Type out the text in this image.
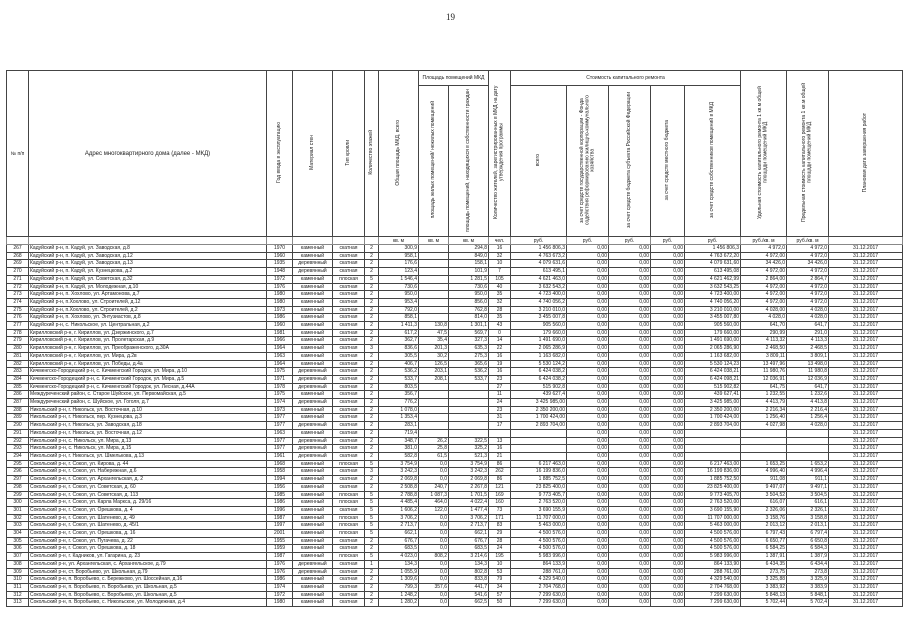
19
№ п/п	Адрес многоквартирного дома (далее - МКД)	Год ввода в эксплуатацию	Материал стен	Тип кровли	Количество этажей	Общая площадь МКД, всего	Площадь помещений МКД		Количество жителей, зарегистрированных в МКД на дату утверждения программы	Стоимость капитального ремонта					Удельная стоимость капитального ремонта 1 кв.м общей площади помещений МКД	Предельная стоимость капитального ремонта 1 кв.м общей площади помещений МКД	Плановая дата завершения работ
							площадь жилых помещений/ нежилых помещений	площадь помещений, находящихся в собственности граждан		всего	за счет средств государственной корпорации - Фонда содействия реформированию жилищно-коммунального хозяйства	за счет средств бюджета субъекта Российской Федерации	за счет средств местного бюджета	за счет средств собственников помещений в МКД			
						кв. м	кв. м	кв. м	чел.	руб.	руб.	руб.	руб.	руб.	руб./кв. м	руб./кв. м	
267	Кадуйский р-н, п. Кадуй, ул. Заводская, д.8	1970	каменный	скатная	2	300,9		294,8	16	1 456 806,3	0,00	0,00	0,00	1 456 806,3	4 972,0	4 972,0	31.12.2017
268	Кадуйский р-н, п. Кадуй, ул. Заводская, д.12	1960	каменный	скатная	2	958,1		849,0	32	4 763 673,2	0,00	0,00	0,00	4 763 672,20	4 972,00	4 972,0	31.12.2017
269	Кадуйский р-н, п. Кадуй, ул. Заводская, д.13	1935	деревянный	скатная	2	176,6		158,1	10	4 079 631,6	0,00	0,00	0,00	4 079 631,60	34 426,0	34 426,0	31.12.2017
270	Кадуйский р-н, п. Кадуй, ул. Кузнецкова, д.2	1948	деревянный	скатная	2	123,4		101,9	7	613 495,1	0,00	0,00	0,00	613 495,08	4 972,00	4 972,0	31.12.2017
271	Кадуйский р-н, п. Кадуй, ул. Советская, д.32	1972	каменный	плоская	5	1 546,4		1 281,5	105	4 621 463,0	0,00	0,00	0,00	4 621 462,99	2 864,00	2 864,7	31.12.2017
272	Кадуйский р-н, п. Кадуй, ул. Молодежная, д.10	1976	каменный	скатная	2	730,6		730,6	40	3 632 543,2	0,00	0,00	0,00	3 632 543,25	4 972,00	4 972,0	31.12.2017
273	Кадуйский р-н, п. Хохлово, ул. Артамонова, д.7	1980	каменный	скатная	2	950,0		950,0	35	4 723 400,0	0,00	0,00	0,00	4 723 400,00	4 972,00	4 972,0	31.12.2017
274	Кадуйский р-н, п.Хохлово, ул. Строителей, д.12	1980	каменный	скатная	2	953,4		856,0	32	4 740 056,2	0,00	0,00	0,00	4 740 056,20	4 972,00	4 972,0	31.12.2017
275	Кадуйский р-н, п.Хохлово, ул. Строителей, д.2	1973	каменный	скатная	2	792,0		762,8	28	3 210 010,0	0,00	0,00	0,00	3 210 010,00	4 028,00	4 028,0	31.12.2017
276	Кадуйский р-н, п. Хохлово, ул. Энтузиастов, д.8	1986	каменный	скатная	2	858,1		814,0	35	3 455 007,8	0,00	0,00	0,00	3 455 007,80	4 028,0	4 028,0	31.12.2017
277	Кадуйский р-н, с. Никольское, ул. Центральная, д.2	1960	каменный	скатная	2	1 411,3	130,8	1 301,1	43	905 560,0	0,00	0,00	0,00	905 560,00	641,70	641,7	31.12.2017
278	Кирилловский р-н, г. Кириллов, ул. Дзержинского, д.7	1981	каменный	скатная	2	617,2	47,5	569,7	0	179 660,0	0,00	0,00	0,00	179 660,00	290,99	291,0	31.12.2017
279	Кирилловский р-н, г. Кириллов, ул. Пролетарская, д.9	1966	каменный	скатная	2	362,7	35,4	327,3	14	1 491 690,0	0,00	0,00	0,00	1 491 690,00	4 113,32	4 113,3	31.12.2017
280	Кирилловский р-н, г. Кириллов, ул. Преображенского, д.30А	1964	каменный	скатная	3	836,6	201,3	635,3	22	2 065 286,9	0,00	0,00	0,00	2 065 286,90	2 468,50	2 468,5	31.12.2017
281	Кирилловский р-н, г. Кириллов, ул. Мира, д.2в	1963	каменный	скатная	2	305,5	30,2	275,3	16	1 163 682,0	0,00	0,00	0,00	1 163 682,00	3 809,11	3 809,1	31.12.2017
282	Кирилловский р-н, г. Кириллов, ул. Победы, д.4а	1964	каменный	скатная	2	406,7	126,5	365,6	19	5 530 124,2	0,00	0,00	0,00	5 530 124,23	13 497,96	13 498,0	31.12.2017
283	Кичменгско-Городецкий р-н, с. Кичменгский Городок, ул. Мира, д.10	1975	деревянный	скатная	2	536,2	203,1	536,2	16	6 424 038,2	0,00	0,00	0,00	6 424 038,21	11 980,76	11 980,8	31.12.2017
284	Кичменгско-Городецкий р-н, с. Кичменгский Городок, ул. Мира, д.5	1971	деревянный	скатная	2	533,7	208,1	533,7	23	6 424 038,2	0,00	0,00	0,00	6 424 098,21	12 036,91	12 036,9	31.12.2017
285	Кичменгско-Городецкий р-н, с. Кичменгский Городок, ул. Лесная, д.44А	1978	деревянный	скатная	2	803,5			27	515 902,8	0,00	0,00	0,00	515 902,82	641,75	641,7	31.12.2017
286	Междуреченский район, с. Старое Шуйское, ул. Первомайская, д.5	1975	каменный	скатная	2	356,7			11	439 627,4	0,00	0,00	0,00	439 627,41	1 232,55	1 232,6	31.12.2017
287	Междуреченский район, с. Шуйское, ул. Гоголя, д.7	1974	деревянный	скатная	2	776,2			24	3 425 985,00	0,00	0,00	0,00	3 425 985,00	4 413,79	4 413,8	31.12.2017
288	Никольский р-н, г. Никольск, ул. Восточная, д.10	1973	каменный	скатная	2	1 078,0			23	2 350 200,00	0,00	0,00	0,00	2 350 200,00	2 216,34	2 216,4	31.12.2017
289	Никольский р-н, г. Никольск, пер. Кузнецова, д.3	1977	каменный	скатная	2	1 353,4			31	1 700 424,00	0,00	0,00	0,00	1 700 424,00	1 256,40	1 256,4	31.12.2017
290	Никольский р-н, г. Никольск, ул. Заводская, д.18	1977	деревянный	скатная	2	283,1			17	2 893 704,00	0,00	0,00	0,00	2 893 704,00	4 027,98	4 028,0	31.12.2017
291	Никольский р-н, г. Никольск, ул. Восточная, д.12	1963	каменный	скатная	2	719,4					0,00	0,00	0,00				31.12.2017
292	Никольский р-н, с. Никольск, ул. Мира, д.13	1977	деревянный	скатная	2	348,7	26,2	322,5	13		0,00	0,00	0,00				31.12.2017
293	Никольский р-н, с. Никольск, ул. Мира, д.15	1977	деревянный	скатная	2	381,0	25,8	325,2	16		0,00	0,00	0,00				31.12.2017
294	Никольский р-н, г. Никольск, ул. Шмелькова, д.13	1961	деревянный	скатная	2	582,8	61,5	521,3	21		0,00	0,00	0,00				31.12.2017
295	Сокольский р-н, г. Сокол, ул. Кирова, д. 44	1968	каменный	плоская	5	3 754,9	0,0	3 754,9	86	6 217 463,0	0,00	0,00	0,00	6 217 463,00	1 653,25	1 653,2	31.12.2017
296	Сокольский р-н, г. Сокол, ул. Набережная, д.6	1958	каменный	скатная	3	3 242,3	0,0	3 242,3	262	16 199 836,0	0,00	0,00	0,00	16 199 836,00	4 996,40	4 996,4	31.12.2017
297	Сокольский р-н, г. Сокол, ул. Архангельская, д. 2	1994	каменный	скатная	2	2 069,8	0,0	2 069,8	86	1 885 752,5	0,00	0,00	0,00	1 885 752,50	911,08	911,1	31.12.2017
298	Сокольский р-н, г. Сокол, ул. Советская, д. 60	1956	каменный	скатная	2	2 508,8	240,7	2 267,8	121	23 825 400,0	0,00	0,00	0,00	23 825 400,00	9 497,07	9 497,1	31.12.2017
299	Сокольский р-н, г. Сокол, ул. Советская, д. 113	1985	каменный	плоская	5	2 788,8	1 087,3	1 701,5	169	9 773 405,7	0,00	0,00	0,00	9 773 405,70	3 504,52	3 504,5	31.12.2017
300	Сокольский р-н, г. Сокол, ул. Карла Маркса, д. 29/16	1986	каменный	плоская	5	4 485,4	464,0	4 022,4	160	2 763 520,0	0,00	0,00	0,00	2 763 520,00	616,07	616,1	31.12.2017
301	Сокольский р-н, г. Сокол, ул. Орешкова, д. 4	1996	каменный	скатная	5	1 606,2	122,0	1 477,4	73	3 690 155,9	0,00	0,00	0,00	3 690 155,90	2 326,06	2 326,1	31.12.2017
302	Сокольский р-н, г. Сокол, ул. Шатенево, д. 49	1987	каменный	плоская	5	3 706,2	0,0	3 706,2	171	11 707 000,0	0,00	0,00	0,00	11 707 000,00	3 158,76	3 158,8	31.12.2017
303	Сокольский р-н, г. Сокол, ул. Шатенево, д. 45/1	1997	каменный	плоская	5	2 713,7	0,0	2 713,7	83	5 463 000,0	0,00	0,00	0,00	5 463 000,00	2 013,12	2 013,1	31.12.2017
304	Сокольский р-н, г. Сокол, ул. Орешкова, д. 16	2001	каменный	плоская	5	662,1	0,0	662,1	29	4 500 576,0	0,00	0,00	0,00	4 500 576,00	6 797,43	6 797,4	31.12.2017
305	Сокольский р-н, г. Сокол, ул. Пугачева, д. 22	1955	каменный	скатная	2	676,7	0,0	676,7	28	4 500 576,0	0,00	0,00	0,00	4 500 576,00	6 650,77	6 650,8	31.12.2017
306	Сокольский р-н, г. Сокол, ул. Орешкова, д. 18	1959	каменный	скатная	2	683,5	0,0	683,5	24	4 500 576,0	0,00	0,00	0,00	4 500 576,00	6 584,25	6 584,3	31.12.2017
307	Сокольский р-н, г. Кадников, ул. Гагарина, д. 23	1987	каменный	плоская	5	4 023,0	808,2	3 214,6	195	5 983 996,0	0,00	0,00	0,00	5 983 996,00	1 387,91	1 387,9	31.12.2017
308	Сокольский р-н, ул. Архангельская, с. Архангельское, д.79	1976	деревянный	скатная	1	134,3	0,0	134,3	10	864 133,9	0,00	0,00	0,00	864 133,90	6 434,35	6 434,4	31.12.2017
309	Сокольский р-н, ст. Воробьево, ул. Школьная, д.79	1976	деревянный	скатная	2	1 055,9	0,0	802,8	53	288 761,0	0,00	0,00	0,00	288 761,00	273,75	273,8	31.12.2017
310	Сокольский р-н, п. Воробьево, с. Бережково, ул. Шоссейная, д.16	1986	каменный	скатная	2	1 309,6	0,0	833,8	79	4 329 540,0	0,00	0,00	0,00	4 329 540,00	3 325,88	3 325,9	31.12.2017
311	Сокольский р-н, п. Воробьево, п. Воробьево, ул. Школьная, д.5	1974	каменный	скатная	2	799,3	357,6	441,7	34	2 704 768,0	0,00	0,00	0,00	2 704 768,00	3 383,92	3 383,9	31.12.2017
312	Сокольский р-н, п. Воробьево, с. Воробьево, ул. Школьная, д.5	1972	каменный	скатная	2	1 248,2	0,0	541,6	57	7 299 630,0	0,00	0,00	0,00	7 299 630,00	5 848,13	5 848,1	31.12.2017
313	Сокольский р-н, п. Воробьево, с. Никольское, ул. Молодежная, д.4	1980	каменный	скатная	2	1 280,2	0,0	662,5	50	7 299 630,0	0,00	0,00	0,00	7 299 630,00	5 702,44	5 702,4	31.12.2017
